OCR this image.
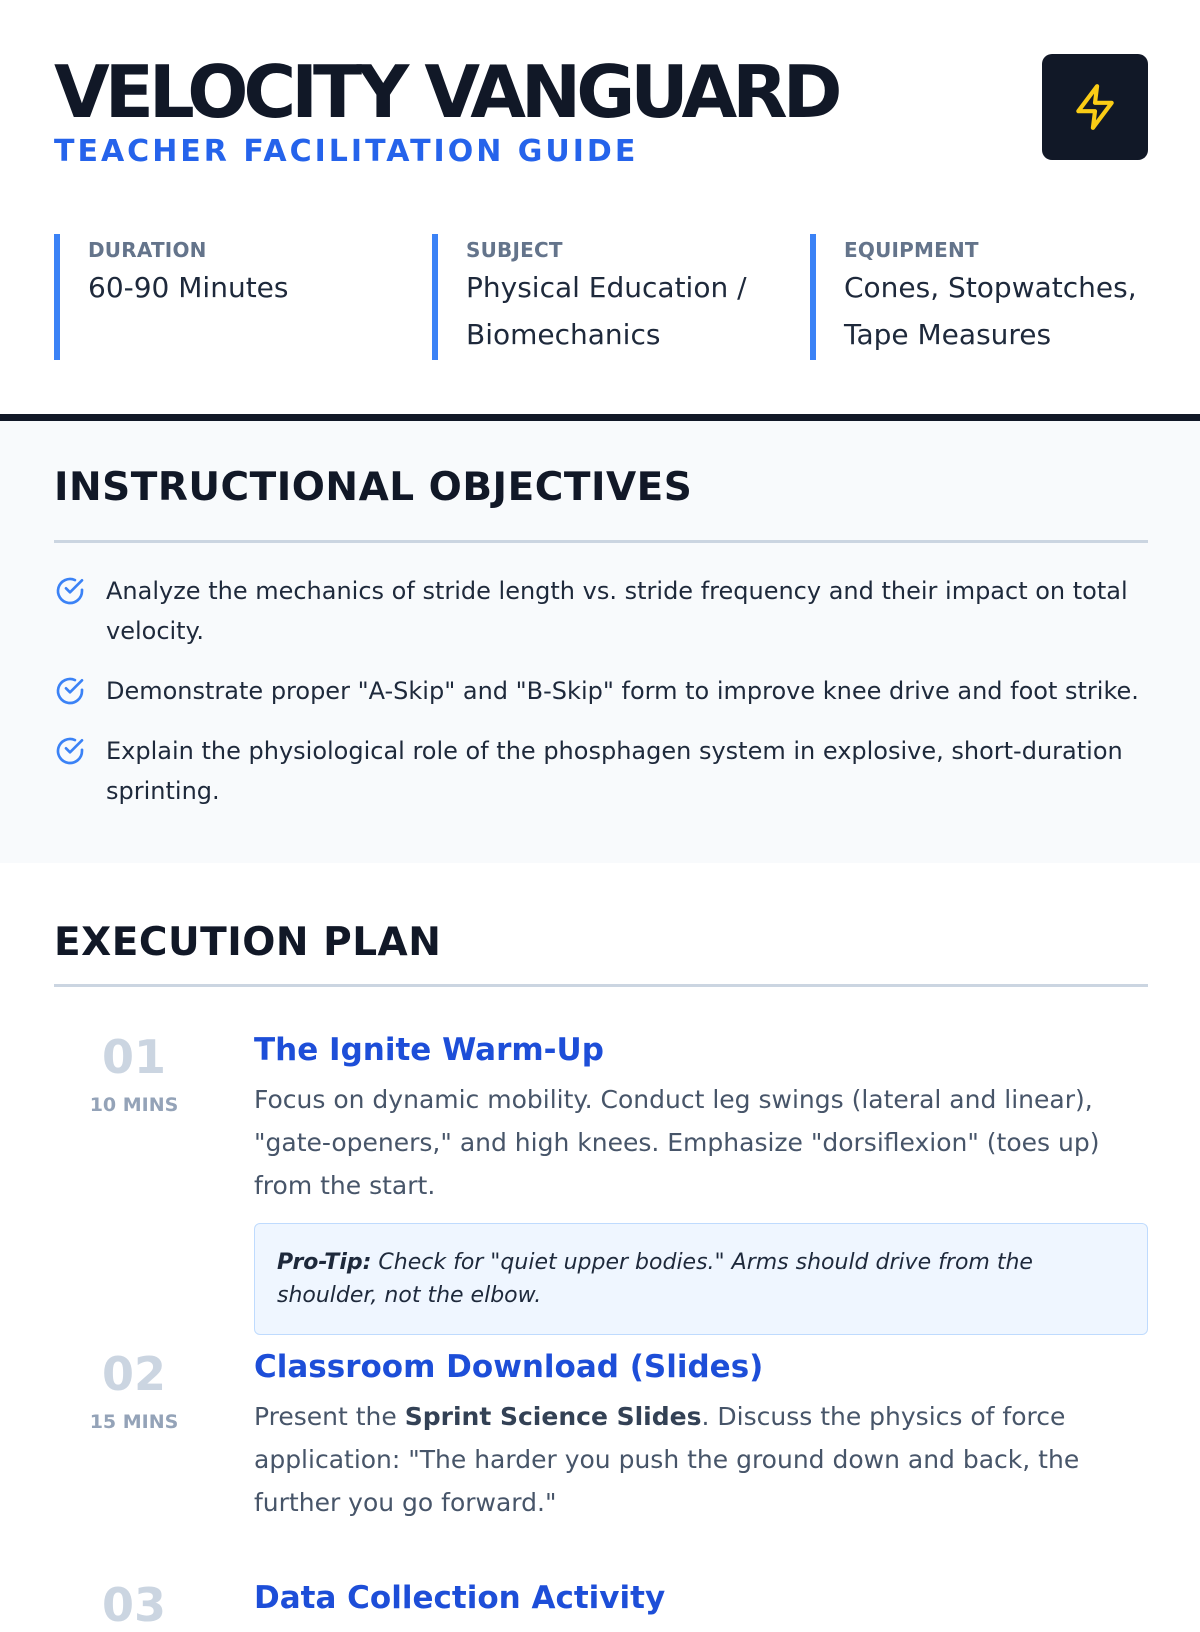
VELOCITY VANGUARD
TEACHER FACILITATION GUIDE
DURATION
60-90 Minutes
SUBJECT
Physical Education / Biomechanics
EQUIPMENT
Cones, Stopwatches, Tape Measures
INSTRUCTIONAL OBJECTIVES
Analyze the mechanics of stride length vs. stride frequency and their impact on total velocity.
Demonstrate proper "A-Skip" and "B-Skip" form to improve knee drive and foot strike.
Explain the physiological role of the phosphagen system in explosive, short-duration sprinting.
EXECUTION PLAN
01
10 MINS
The Ignite Warm-Up
Focus on dynamic mobility. Conduct leg swings (lateral and linear), "gate-openers," and high knees. Emphasize "dorsiflexion" (toes up) from the start.
Pro-Tip: Check for "quiet upper bodies." Arms should drive from the shoulder, not the elbow.
02
15 MINS
Classroom Download (Slides)
Present the Sprint Science Slides. Discuss the physics of force application: "The harder you push the ground down and back, the further you go forward."
03	Data Collection Activity
